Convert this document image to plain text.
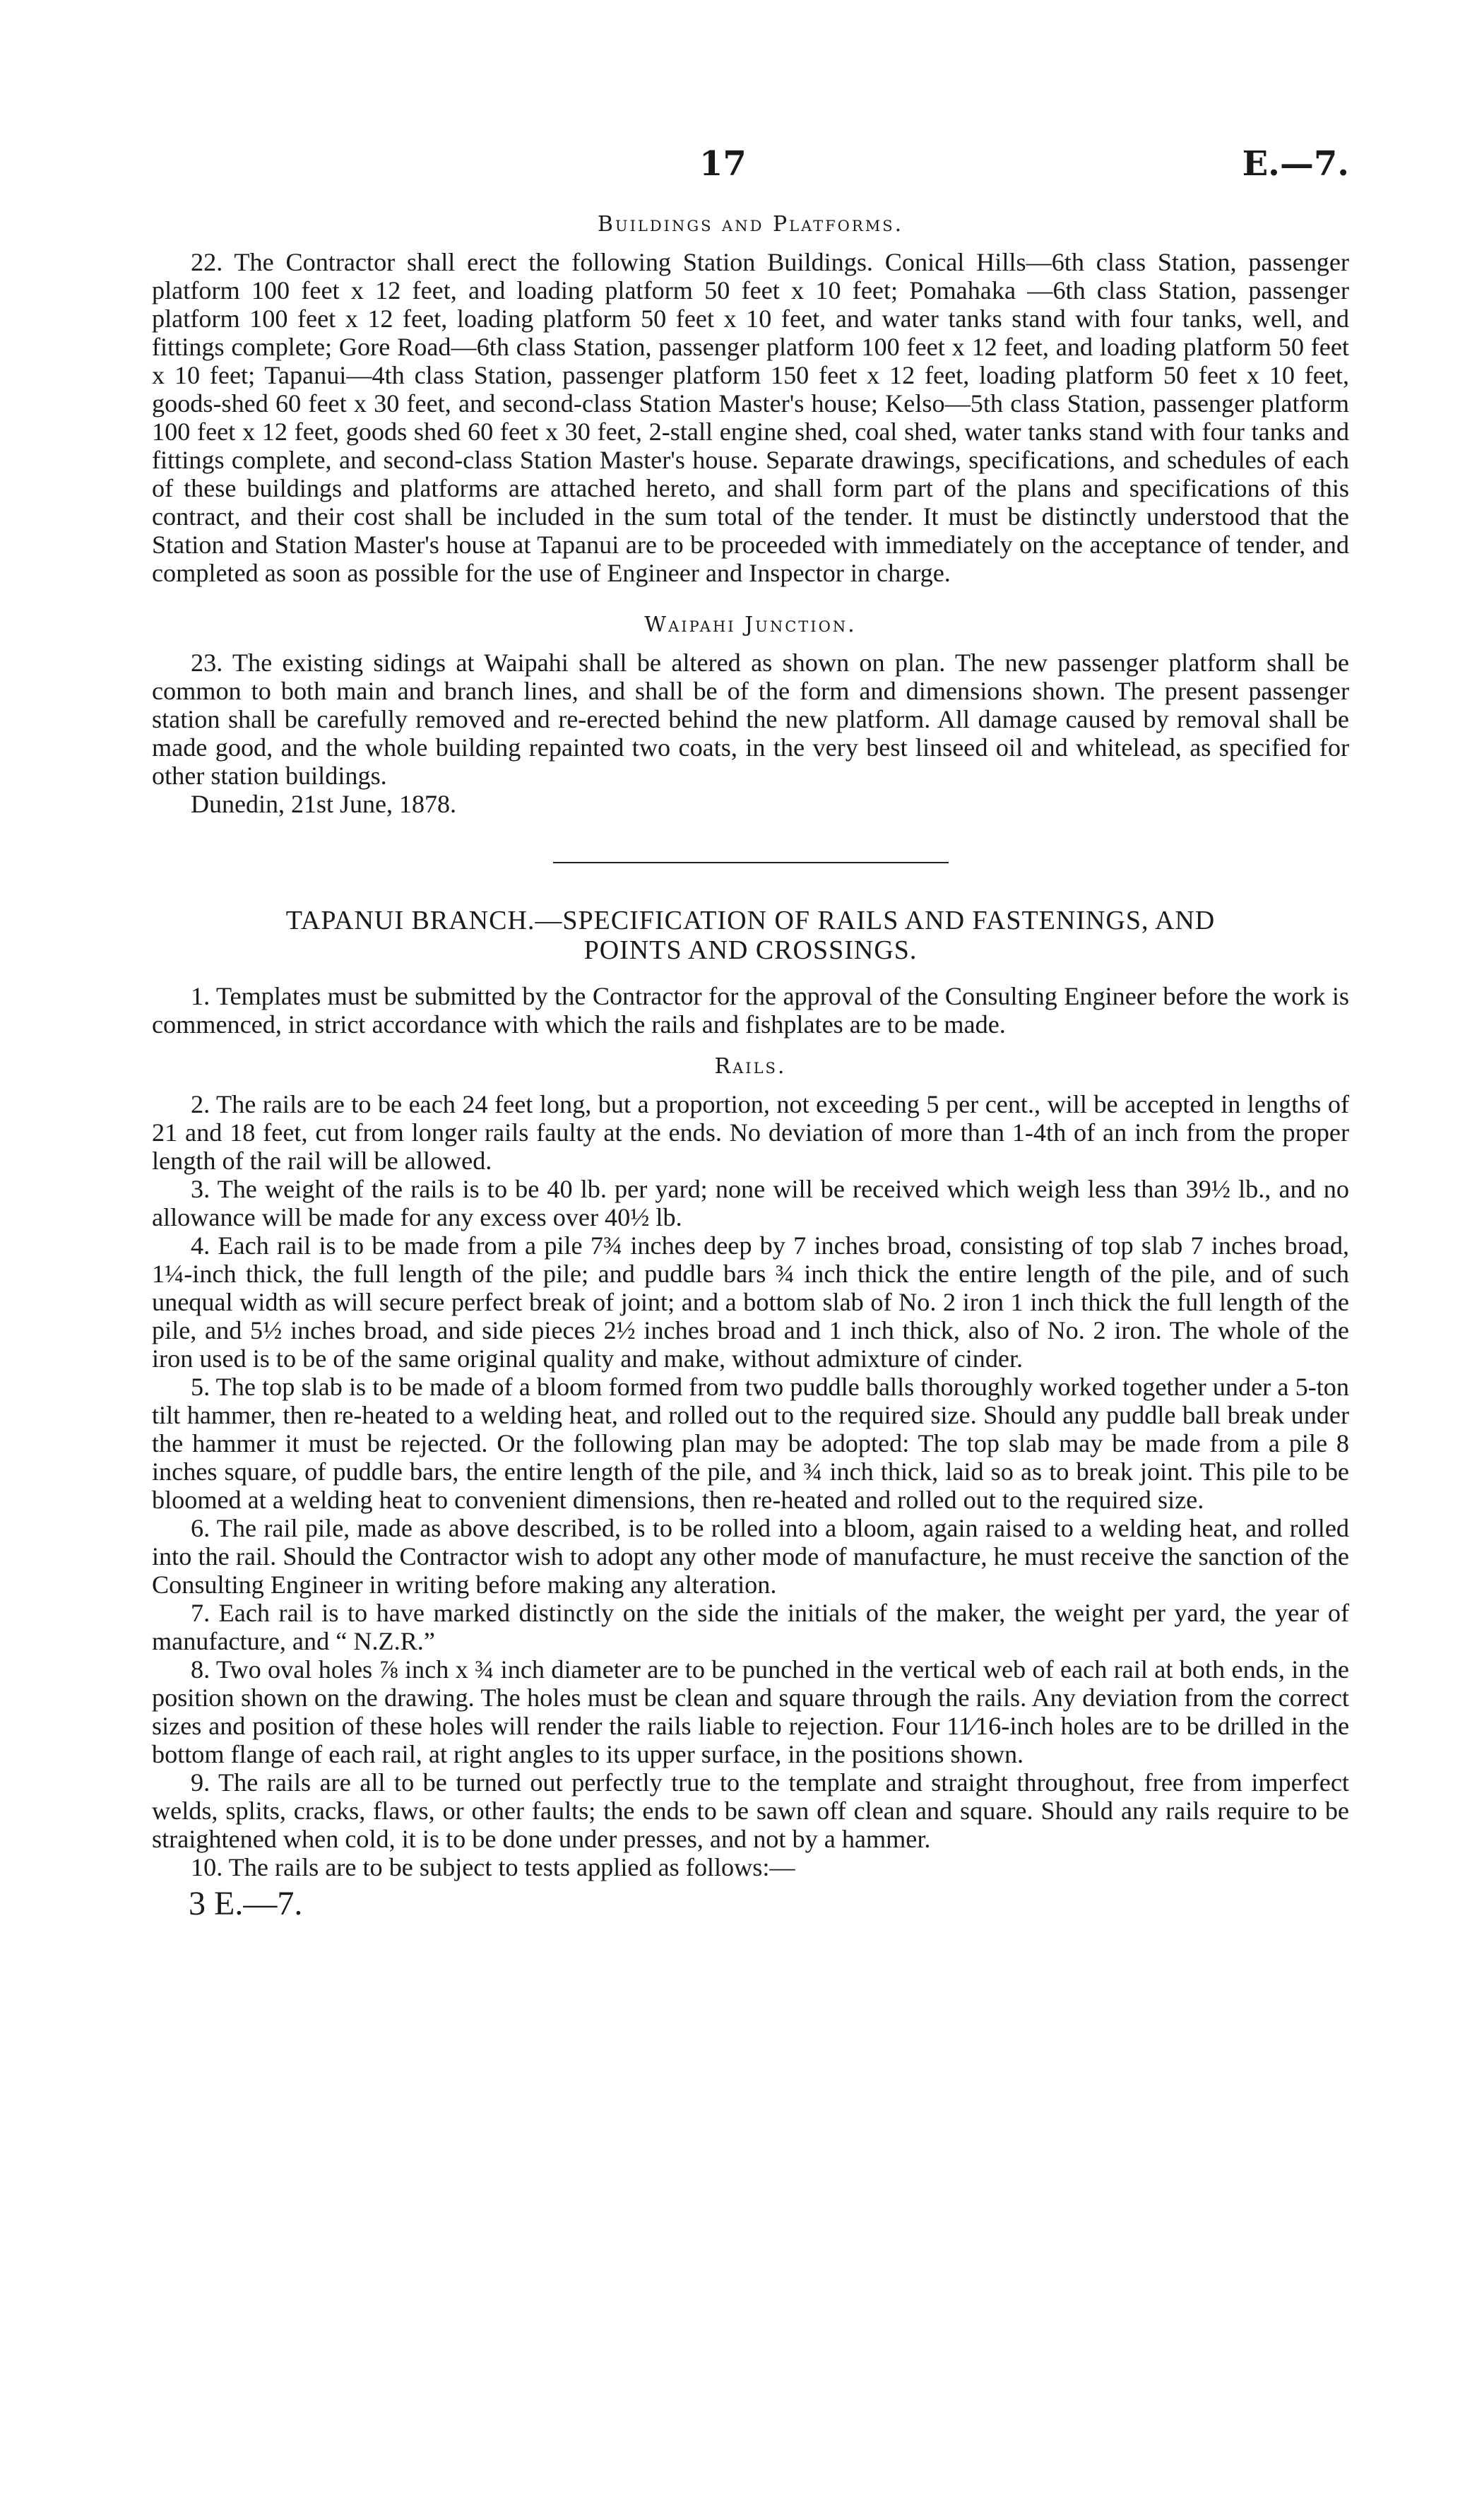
17	E.—7.
Buildings and Platforms.

22. The Contractor shall erect the following Station Buildings. Conical Hills—6th class Station, passenger platform 100 feet x 12 feet, and loading platform 50 feet x 10 feet; Pomahaka —6th class Station, passenger platform 100 feet x 12 feet, loading platform 50 feet x 10 feet, and water tanks stand with four tanks, well, and fittings complete; Gore Road—6th class Station, passenger platform 100 feet x 12 feet, and loading platform 50 feet x 10 feet; Tapanui—4th class Station, passenger platform 150 feet x 12 feet, loading platform 50 feet x 10 feet, goods-shed 60 feet x 30 feet, and second-class Station Master's house; Kelso—5th class Station, passenger platform 100 feet x 12 feet, goods shed 60 feet x 30 feet, 2-stall engine shed, coal shed, water tanks stand with four tanks and fittings complete, and second-class Station Master's house. Separate drawings, specifications, and schedules of each of these buildings and platforms are attached hereto, and shall form part of the plans and specifications of this contract, and their cost shall be included in the sum total of the tender. It must be distinctly understood that the Station and Station Master's house at Tapanui are to be proceeded with immediately on the acceptance of tender, and completed as soon as possible for the use of Engineer and Inspector in charge.

Waipahi Junction.

23. The existing sidings at Waipahi shall be altered as shown on plan. The new passenger platform shall be common to both main and branch lines, and shall be of the form and dimensions shown. The present passenger station shall be carefully removed and re-erected behind the new platform. All damage caused by removal shall be made good, and the whole building repainted two coats, in the very best linseed oil and whitelead, as specified for other station buildings.

Dunedin, 21st June, 1878.

TAPANUI BRANCH.—SPECIFICATION OF RAILS AND FASTENINGS, AND
POINTS AND CROSSINGS.

1. Templates must be submitted by the Contractor for the approval of the Consulting Engineer before the work is commenced, in strict accordance with which the rails and fishplates are to be made.

Rails.

2. The rails are to be each 24 feet long, but a proportion, not exceeding 5 per cent., will be accepted in lengths of 21 and 18 feet, cut from longer rails faulty at the ends. No deviation of more than 1-4th of an inch from the proper length of the rail will be allowed.

3. The weight of the rails is to be 40 lb. per yard; none will be received which weigh less than 39½ lb., and no allowance will be made for any excess over 40½ lb.

4. Each rail is to be made from a pile 7¾ inches deep by 7 inches broad, consisting of top slab 7 inches broad, 1¼-inch thick, the full length of the pile; and puddle bars ¾ inch thick the entire length of the pile, and of such unequal width as will secure perfect break of joint; and a bottom slab of No. 2 iron 1 inch thick the full length of the pile, and 5½ inches broad, and side pieces 2½ inches broad and 1 inch thick, also of No. 2 iron. The whole of the iron used is to be of the same original quality and make, without admixture of cinder.

5. The top slab is to be made of a bloom formed from two puddle balls thoroughly worked together under a 5-ton tilt hammer, then re-heated to a welding heat, and rolled out to the required size. Should any puddle ball break under the hammer it must be rejected. Or the following plan may be adopted: The top slab may be made from a pile 8 inches square, of puddle bars, the entire length of the pile, and ¾ inch thick, laid so as to break joint. This pile to be bloomed at a welding heat to convenient dimensions, then re-heated and rolled out to the required size.

6. The rail pile, made as above described, is to be rolled into a bloom, again raised to a welding heat, and rolled into the rail. Should the Contractor wish to adopt any other mode of manufacture, he must receive the sanction of the Consulting Engineer in writing before making any alteration.

7. Each rail is to have marked distinctly on the side the initials of the maker, the weight per yard, the year of manufacture, and “ N.Z.R.”

8. Two oval holes ⅞ inch x ¾ inch diameter are to be punched in the vertical web of each rail at both ends, in the position shown on the drawing. The holes must be clean and square through the rails. Any deviation from the correct sizes and position of these holes will render the rails liable to rejection. Four 11⁄16-inch holes are to be drilled in the bottom flange of each rail, at right angles to its upper surface, in the positions shown.

9. The rails are all to be turned out perfectly true to the template and straight throughout, free from imperfect welds, splits, cracks, flaws, or other faults; the ends to be sawn off clean and square. Should any rails require to be straightened when cold, it is to be done under presses, and not by a hammer.

10. The rails are to be subject to tests applied as follows:—

3 E.—7.
